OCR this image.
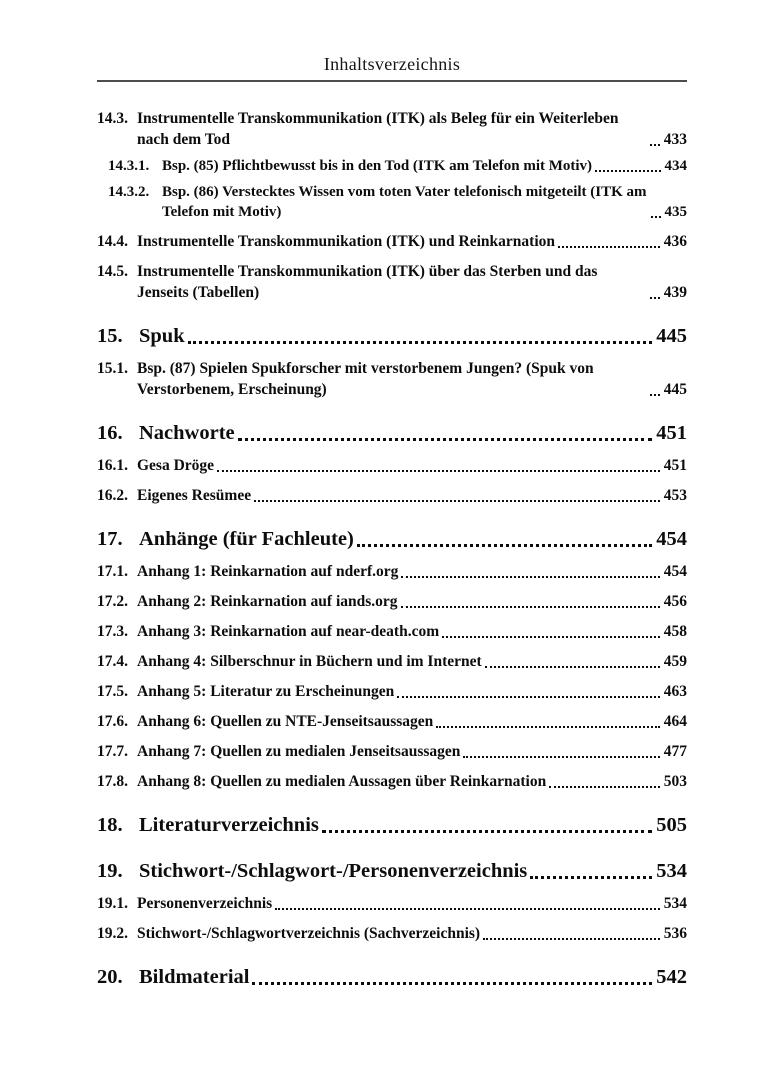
Inhaltsverzeichnis
14.3. Instrumentelle Transkommunikation (ITK) als Beleg für ein Weiterleben nach dem Tod	433
14.3.1. Bsp. (85) Pflichtbewusst bis in den Tod (ITK am Telefon mit Motiv)	434
14.3.2. Bsp. (86) Verstecktes Wissen vom toten Vater telefonisch mitgeteilt (ITK am Telefon mit Motiv)	435
14.4. Instrumentelle Transkommunikation (ITK) und Reinkarnation	436
14.5. Instrumentelle Transkommunikation (ITK) über das Sterben und das Jenseits (Tabellen)	439
15. Spuk	445
15.1. Bsp. (87) Spielen Spukforscher mit verstorbenem Jungen? (Spuk von Verstorbenem, Erscheinung)	445
16. Nachworte	451
16.1. Gesa Dröge	451
16.2. Eigenes Resümee	453
17. Anhänge (für Fachleute)	454
17.1. Anhang 1: Reinkarnation auf nderf.org	454
17.2. Anhang 2: Reinkarnation auf iands.org	456
17.3. Anhang 3: Reinkarnation auf near-death.com	458
17.4. Anhang 4: Silberschnur in Büchern und im Internet	459
17.5. Anhang 5: Literatur zu Erscheinungen	463
17.6. Anhang 6: Quellen zu NTE-Jenseitsaussagen	464
17.7. Anhang 7: Quellen zu medialen Jenseitsaussagen	477
17.8. Anhang 8: Quellen zu medialen Aussagen über Reinkarnation	503
18. Literaturverzeichnis	505
19. Stichwort-/Schlagwort-/Personenverzeichnis	534
19.1. Personenverzeichnis	534
19.2. Stichwort-/Schlagwortverzeichnis (Sachverzeichnis)	536
20. Bildmaterial	542
